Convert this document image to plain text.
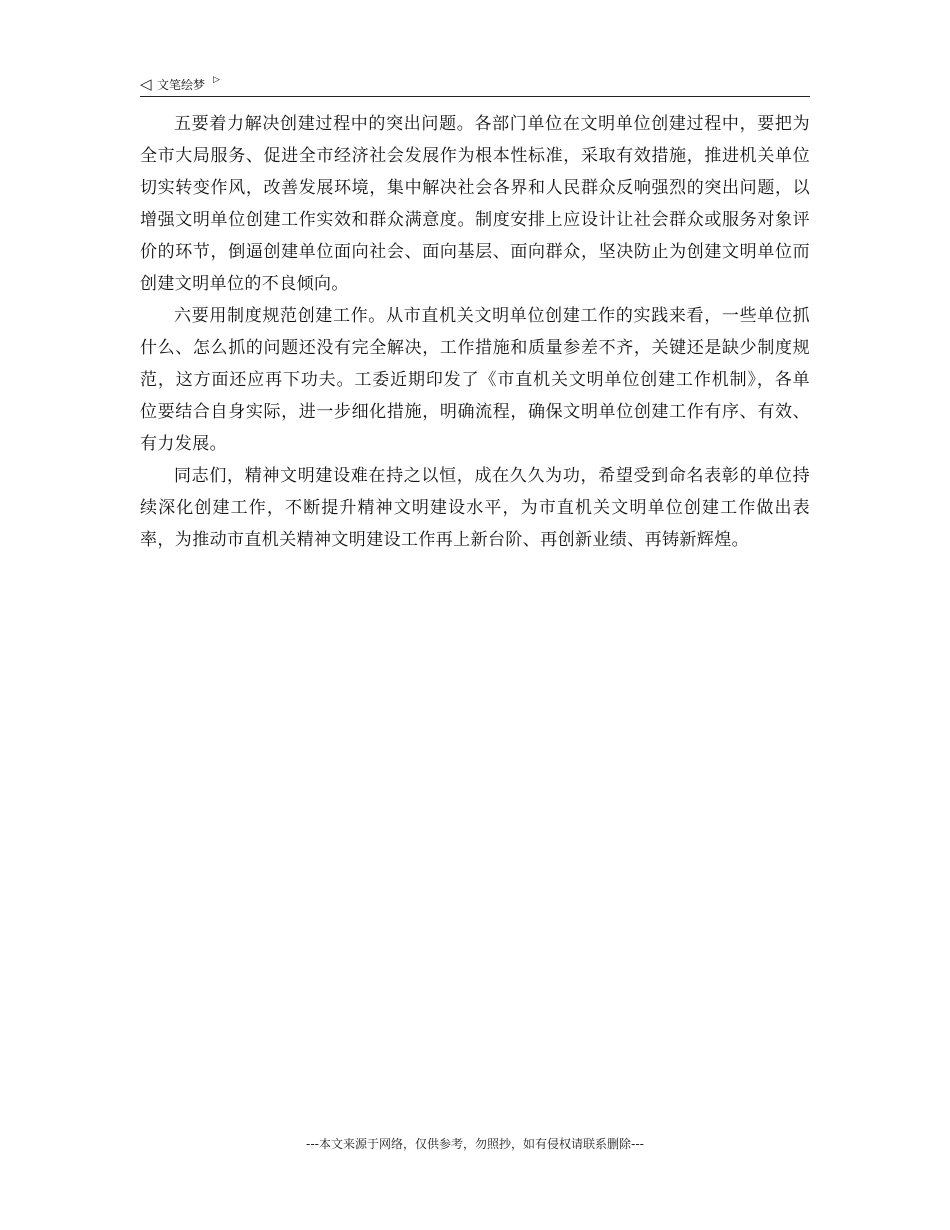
◁ 文笔绘梦 ▷

五要着力解决创建过程中的突出问题。各部门单位在文明单位创建过程中，要把为全市大局服务、促进全市经济社会发展作为根本性标准，采取有效措施，推进机关单位切实转变作风，改善发展环境，集中解决社会各界和人民群众反响强烈的突出问题，以增强文明单位创建工作实效和群众满意度。制度安排上应设计让社会群众或服务对象评价的环节，倒逼创建单位面向社会、面向基层、面向群众，坚决防止为创建文明单位而创建文明单位的不良倾向。

六要用制度规范创建工作。从市直机关文明单位创建工作的实践来看，一些单位抓什么、怎么抓的问题还没有完全解决，工作措施和质量参差不齐，关键还是缺少制度规范，这方面还应再下功夫。工委近期印发了《市直机关文明单位创建工作机制》，各单位要结合自身实际，进一步细化措施，明确流程，确保文明单位创建工作有序、有效、有力发展。

同志们，精神文明建设难在持之以恒，成在久久为功，希望受到命名表彰的单位持续深化创建工作，不断提升精神文明建设水平，为市直机关文明单位创建工作做出表率，为推动市直机关精神文明建设工作再上新台阶、再创新业绩、再铸新辉煌。

---本文来源于网络，仅供参考，勿照抄，如有侵权请联系删除---
